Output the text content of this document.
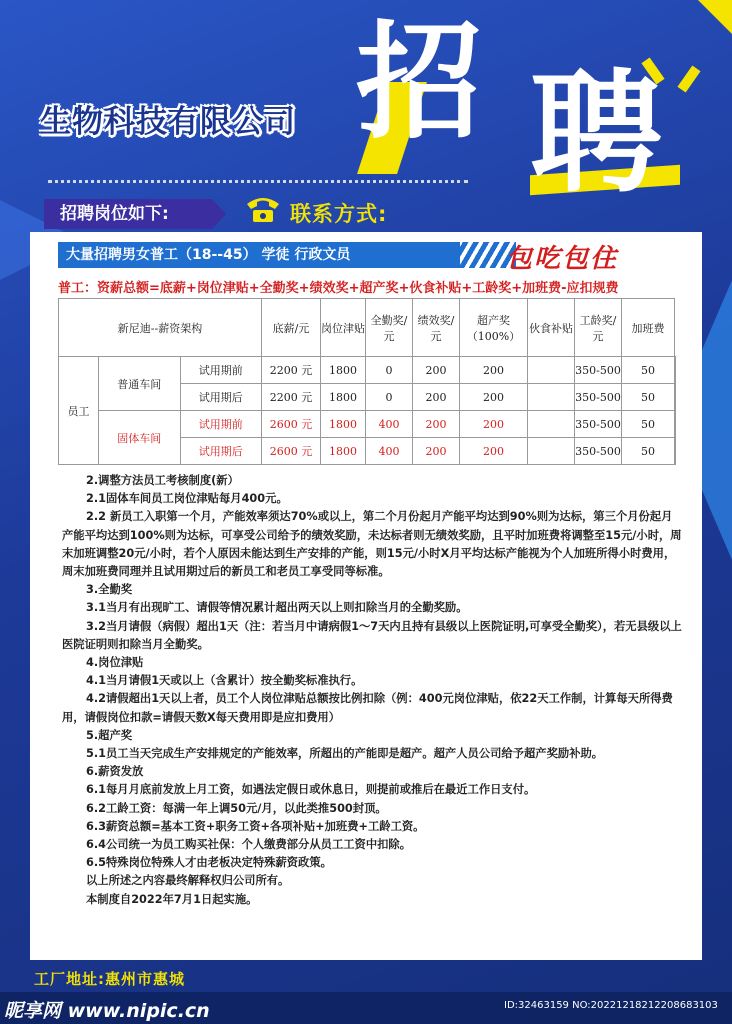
生物科技有限公司 招 聘
招聘岗位如下:	联系方式:
大量招聘男女普工（18--45） 学徒 行政文员	包吃包住
普工：资薪总额=底薪+岗位津贴+全勤奖+绩效奖+超产奖+伙食补贴+工龄奖+加班费-应扣规费
新尼迪--薪资架构			底薪/元	岗位津贴	全勤奖/元	绩效奖/元	超产奖（100%）	伙食补贴	工龄奖/元	加班费	
员工	普通车间	试用期前	2200 元	1800	0	200	200		350-500	50	
		试用期后	2200 元	1800	0	200	200		350-500	50	
	固体车间	试用期前	2600 元	1800	400	200	200		350-500	50	
		试用期后	2600 元	1800	400	200	200		350-500	50	

2.调整方法员工考核制度(新）

2.1固体车间员工岗位津贴每月400元。

2.2 新员工入职第一个月，产能效率须达70%或以上，第二个月份起月产能平均达到90%则为达标，第三个月份起月产能平均达到100%则为达标，可享受公司给予的绩效奖励，未达标者则无绩效奖励，且平时加班费将调整至15元/小时，周末加班调整20元/小时，若个人原因未能达到生产安排的产能，则15元/小时X月平均达标产能视为个人加班所得小时费用，周末加班费同理并且试用期过后的新员工和老员工享受同等标准。

3.全勤奖

3.1当月有出现旷工、请假等情况累计超出两天以上则扣除当月的全勤奖励。

3.2当月请假（病假）超出1天（注：若当月中请病假1～7天内且持有县级以上医院证明,可享受全勤奖），若无县级以上医院证明则扣除当月全勤奖。

4.岗位津贴

4.1当月请假1天或以上（含累计）按全勤奖标准执行。

4.2请假超出1天以上者，员工个人岗位津贴总额按比例扣除（例：400元岗位津贴，依22天工作制，计算每天所得费用，请假岗位扣款=请假天数X每天费用即是应扣费用）

5.超产奖

5.1员工当天完成生产安排规定的产能效率，所超出的产能即是超产。超产人员公司给予超产奖励补助。

6.薪资发放

6.1每月月底前发放上月工资，如遇法定假日或休息日，则提前或推后在最近工作日支付。

6.2工龄工资：每满一年上调50元/月，以此类推500封顶。

6.3薪资总额=基本工资+职务工资+各项补贴+加班费+工龄工资。

6.4公司统一为员工购买社保：个人缴费部分从员工工资中扣除。

6.5特殊岗位特殊人才由老板决定特殊薪资政策。

以上所述之内容最终解释权归公司所有。

本制度自2022年7月1日起实施。

工厂地址:惠州市惠城
昵享网 www.nipic.cn	ID:32463159 NO:20221218212208683103
